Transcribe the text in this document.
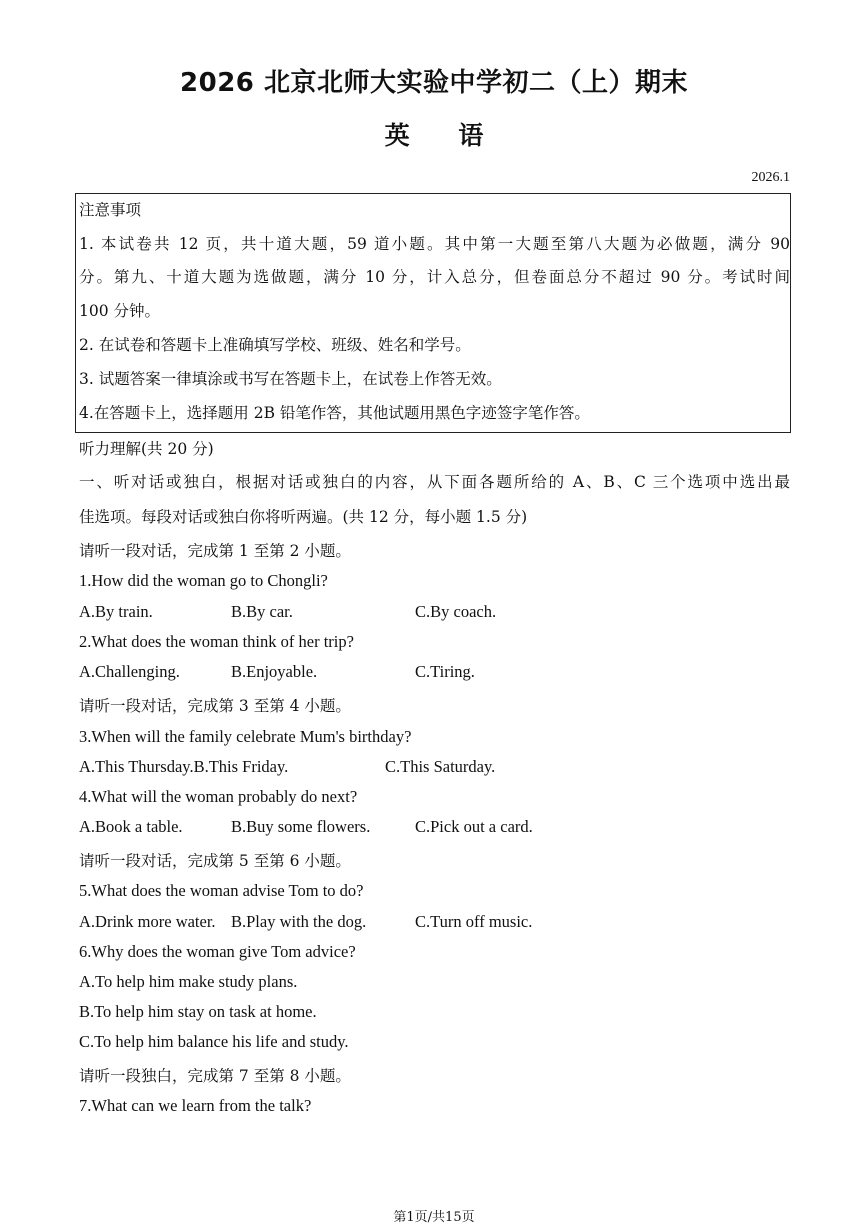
2026 北京北师大实验中学初二（上）期末
英 语
2026.1
注意事项
1. 本试卷共 12 页，共十道大题，59 道小题。其中第一大题至第八大题为必做题，满分 90
分。第九、十道大题为选做题，满分 10 分，计入总分，但卷面总分不超过 90 分。考试时间
100 分钟。
2. 在试卷和答题卡上准确填写学校、班级、姓名和学号。
3. 试题答案一律填涂或书写在答题卡上，在试卷上作答无效。
4.在答题卡上，选择题用 2B 铅笔作答，其他试题用黑色字迹签字笔作答。
听力理解(共 20 分)
一、听对话或独白，根据对话或独白的内容，从下面各题所给的 A、B、C 三个选项中选出最
佳选项。每段对话或独白你将听两遍。(共 12 分，每小题 1.5 分)
请听一段对话，完成第 1 至第 2 小题。
1.How did the woman go to Chongli?
A.By train.	B.By car.	C.By coach.
2.What does the woman think of her trip?
A.Challenging.	B.Enjoyable.	C.Tiring.
请听一段对话，完成第 3 至第 4 小题。
3.When will the family celebrate Mum's birthday?
A.This Thursday.B.This Friday.	C.This Saturday.
4.What will the woman probably do next?
A.Book a table.	B.Buy some flowers.	C.Pick out a card.
请听一段对话，完成第 5 至第 6 小题。
5.What does the woman advise Tom to do?
A.Drink more water. B.Play with the dog.	C.Turn off music.
6.Why does the woman give Tom advice?
A.To help him make study plans.
B.To help him stay on task at home.
C.To help him balance his life and study.
请听一段独白，完成第 7 至第 8 小题。
7.What can we learn from the talk?
第1页/共15页
